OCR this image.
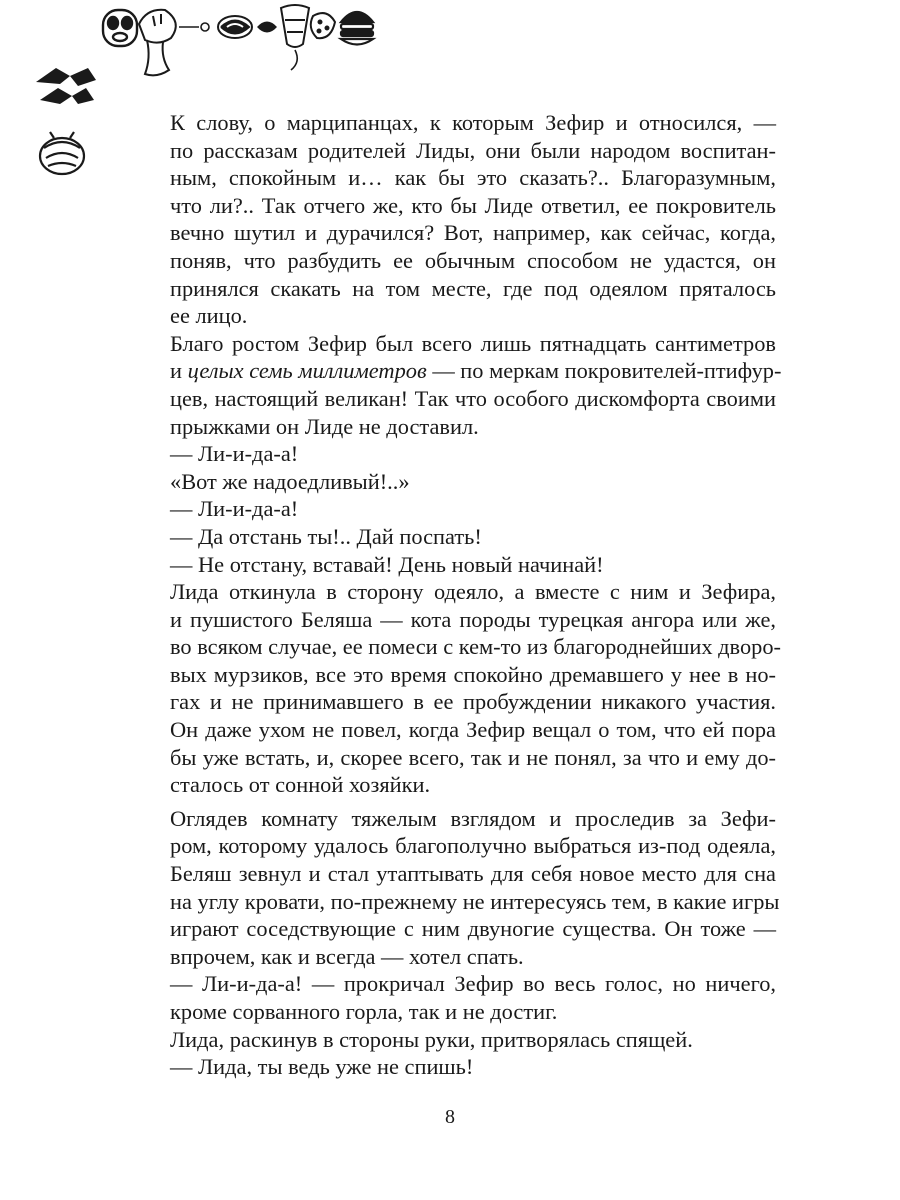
К слову, о марципанцах, к которым Зефир и относился, —
по рассказам родителей Лиды, они были народом воспитан-
ным, спокойным и… как бы это сказать?.. Благоразумным,
что ли?.. Так отчего же, кто бы Лиде ответил, ее покровитель
вечно шутил и дурачился? Вот, например, как сейчас, когда,
поняв, что разбудить ее обычным способом не удастся, он
принялся скакать на том месте, где под одеялом пряталось
ее лицо.

Благо ростом Зефир был всего лишь пятнадцать сантиметров
и целых семь миллиметров — по меркам покровителей-птифур-
цев, настоящий великан! Так что особого дискомфорта своими
прыжками он Лиде не доставил.

— Ли-и-да-а!

«Вот же надоедливый!..»

— Ли-и-да-а!

— Да отстань ты!.. Дай поспать!

— Не отстану, вставай! День новый начинай!

Лида откинула в сторону одеяло, а вместе с ним и Зефира,
и пушистого Беляша — кота породы турецкая ангора или же,
во всяком случае, ее помеси с кем-то из благороднейших дворо-
вых мурзиков, все это время спокойно дремавшего у нее в но-
гах и не принимавшего в ее пробуждении никакого участия.
Он даже ухом не повел, когда Зефир вещал о том, что ей пора
бы уже встать, и, скорее всего, так и не понял, за что и ему до-
сталось от сонной хозяйки.

Оглядев комнату тяжелым взглядом и проследив за Зефи-
ром, которому удалось благополучно выбраться из-под одеяла,
Беляш зевнул и стал утаптывать для себя новое место для сна
на углу кровати, по-прежнему не интересуясь тем, в какие игры
играют соседствующие с ним двуногие существа. Он тоже —
впрочем, как и всегда — хотел спать.

— Ли-и-да-а! — прокричал Зефир во весь голос, но ничего,
кроме сорванного горла, так и не достиг.

Лида, раскинув в стороны руки, притворялась спящей.

— Лида, ты ведь уже не спишь!

8
